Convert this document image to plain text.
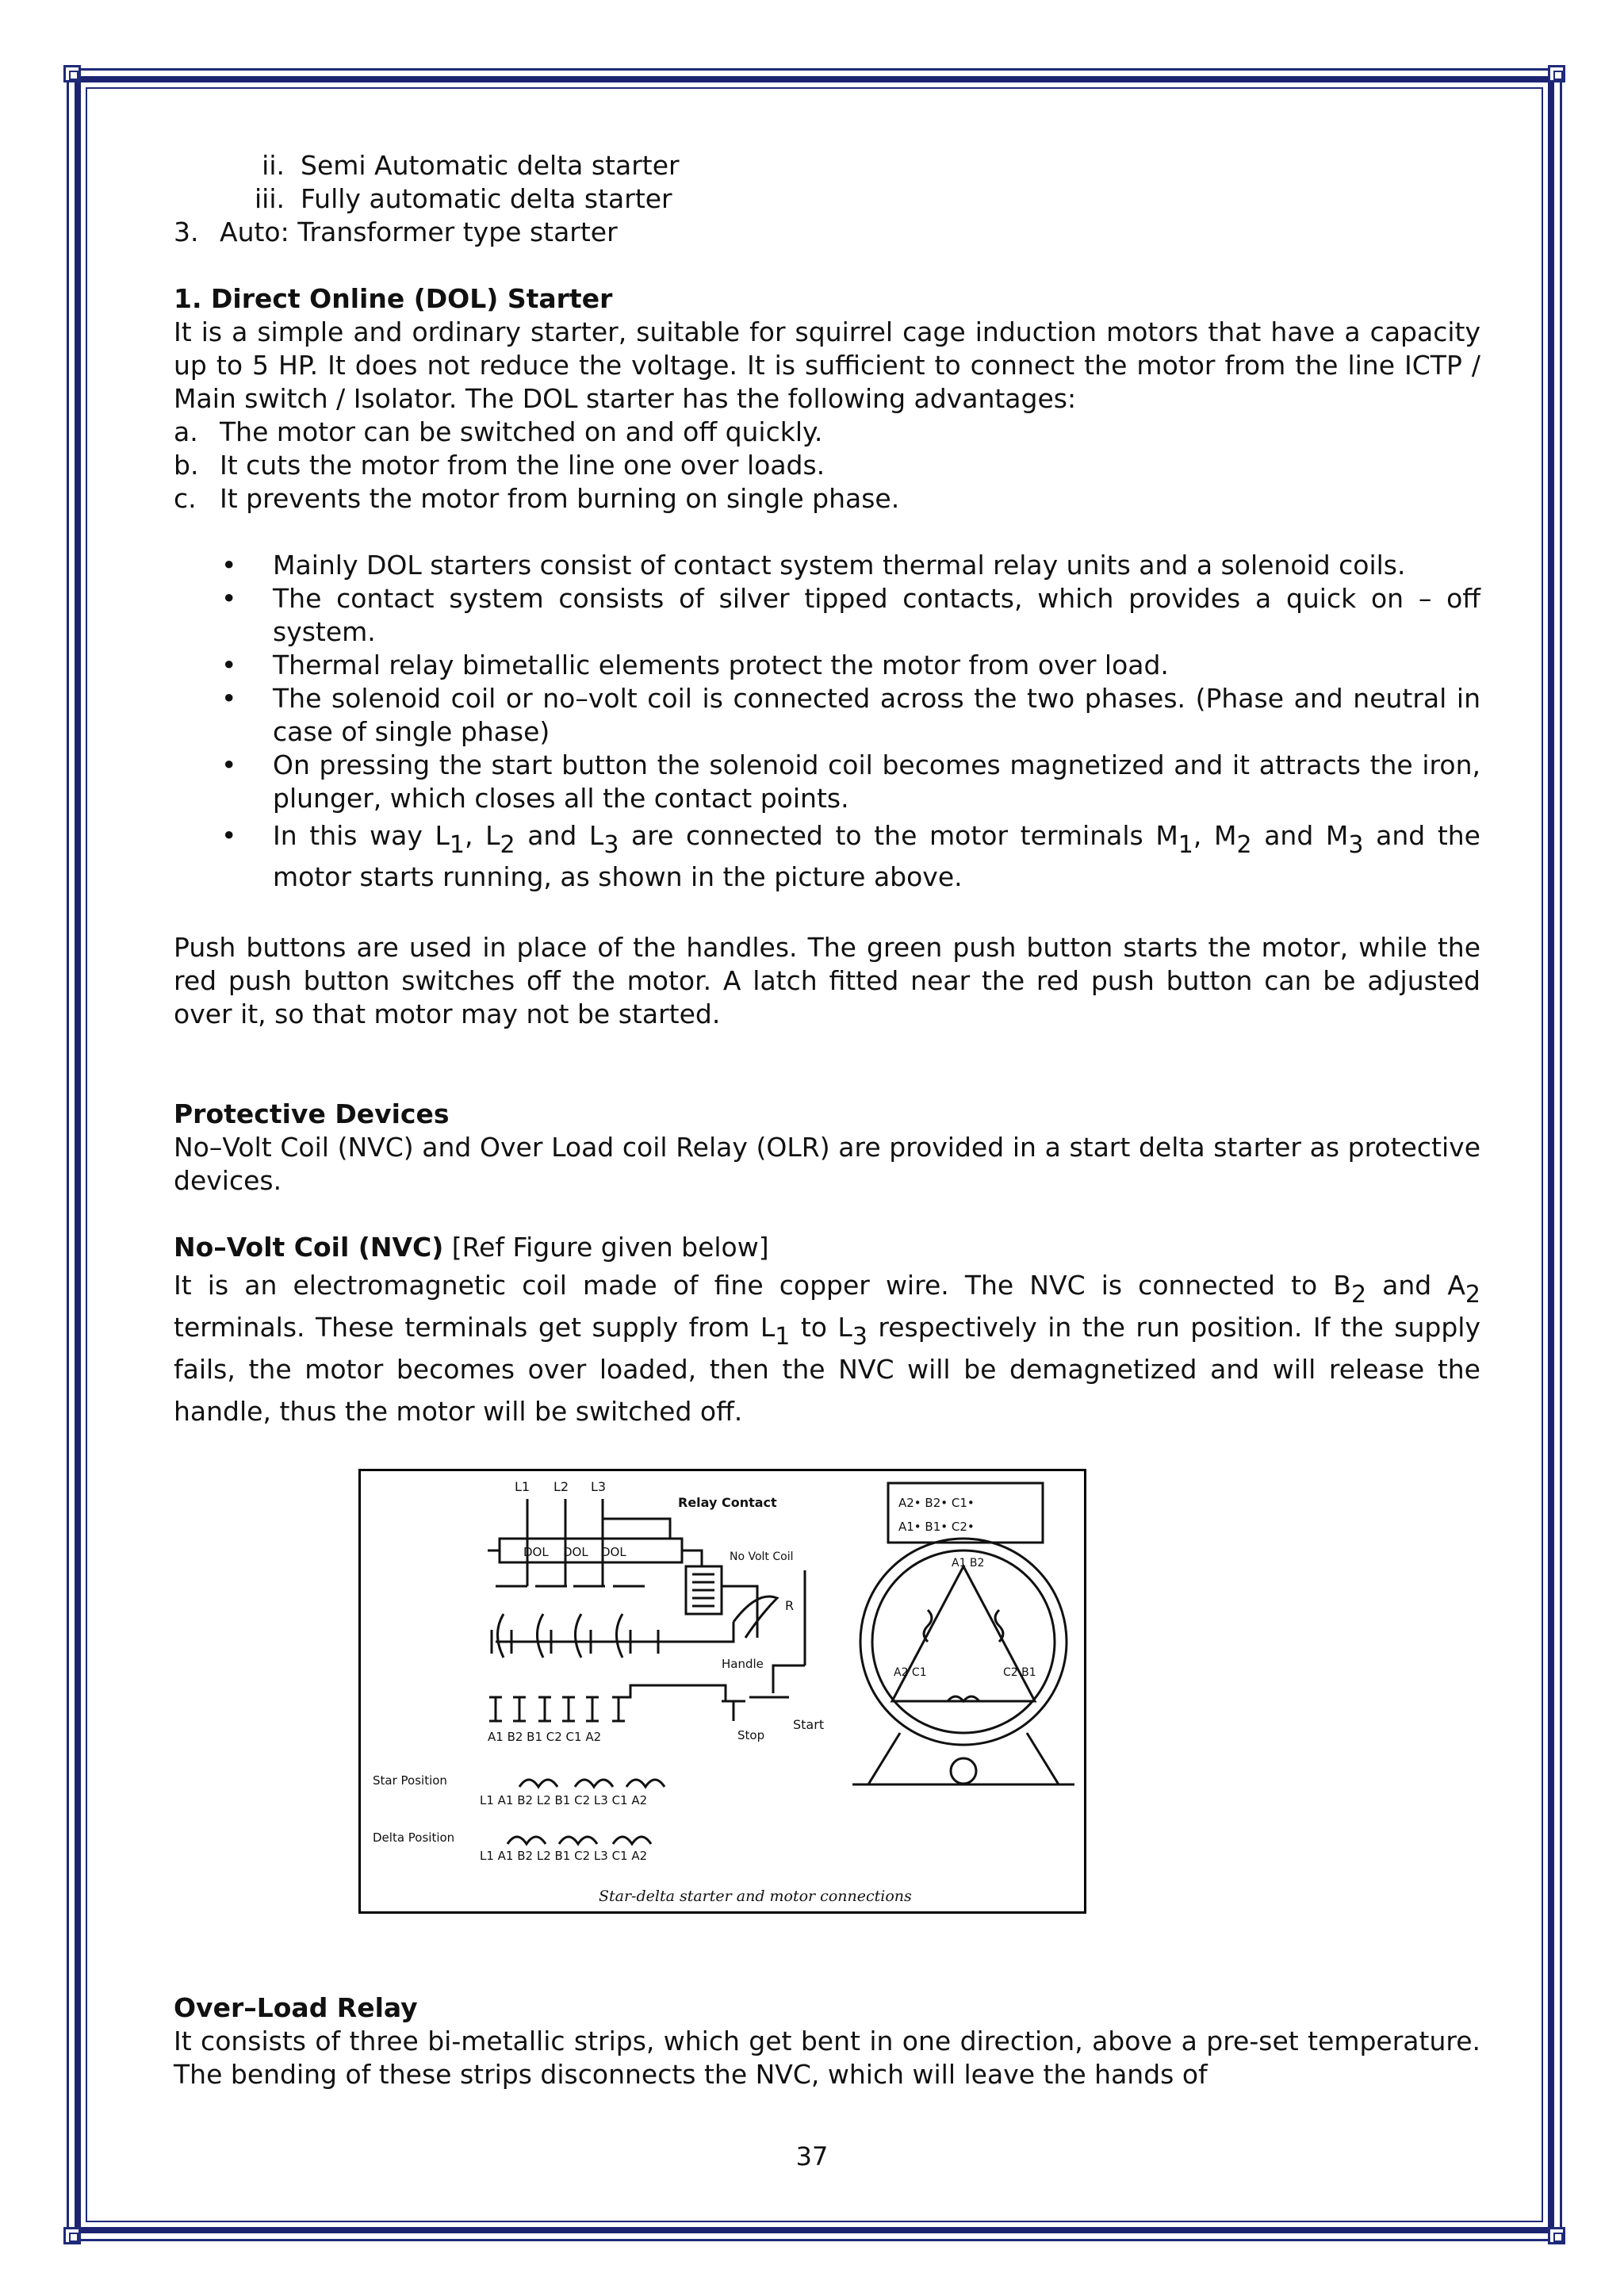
ii. Semi Automatic delta starter
iii. Fully automatic delta starter
3. Auto: Transformer type starter

1. Direct Online (DOL) Starter

It is a simple and ordinary starter, suitable for squirrel cage induction motors that have a capacity up to 5 HP. It does not reduce the voltage. It is sufficient to connect the motor from the line ICTP / Main switch / Isolator. The DOL starter has the following advantages:

a. The motor can be switched on and off quickly.
b. It cuts the motor from the line one over loads.
c. It prevents the motor from burning on single phase.
• Mainly DOL starters consist of contact system thermal relay units and a solenoid coils.
• The contact system consists of silver tipped contacts, which provides a quick on – off system.
• Thermal relay bimetallic elements protect the motor from over load.
• The solenoid coil or no–volt coil is connected across the two phases. (Phase and neutral in case of single phase)
• On pressing the start button the solenoid coil becomes magnetized and it attracts the iron, plunger, which closes all the contact points.
• In this way $L_1$, $L_2$ and $L_3$ are connected to the motor terminals $M_1$, $M_2$ and $M_3$ and the motor starts running, as shown in the picture above.

Push buttons are used in place of the handles. The green push button starts the motor, while the red push button switches off the motor. A latch fitted near the red push button can be adjusted over it, so that motor may not be started.

Protective Devices

No–Volt Coil (NVC) and Over Load coil Relay (OLR) are provided in a start delta starter as protective devices.

No–Volt Coil (NVC) [Ref Figure given below]

It is an electromagnetic coil made of fine copper wire. The NVC is connected to $B_2$ and $A_2$ terminals. These terminals get supply from $L_1$ to $L_3$ respectively in the run position. If the supply fails, the motor becomes over loaded, then the NVC will be demagnetized and will release the handle, thus the motor will be switched off.

L1 L2 L3
Relay Contact
DOL DOL DOL	No Volt Coil
R
Handle
Start
Stop
A1 B2 B1 C2 C1 A2
Star Position
L1 A1 B2 L2 B1 C2 L3 C1 A2
Delta Position
L1 A1 B2 L2 B1 C2 L3 C1 A2
A2• B2• C1•
A1• B1• C2•
A1 B2
A2 C1	C2 B1
Star-delta starter and motor connections

Over–Load Relay

It consists of three bi-metallic strips, which get bent in one direction, above a pre-set temperature. The bending of these strips disconnects the NVC, which will leave the hands of

37
